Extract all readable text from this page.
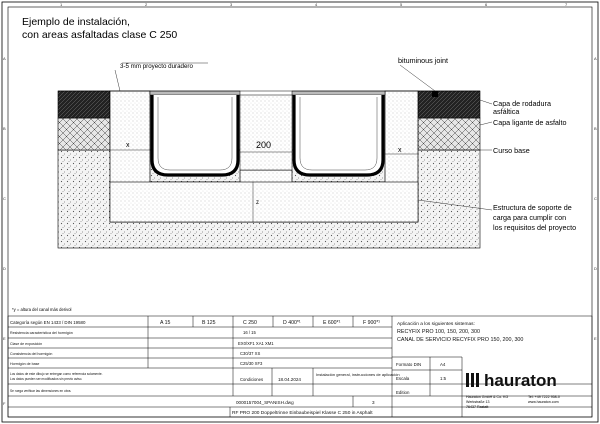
1	2	3	4	5	6	7
A
B
C
D
E
F
A
B
C
D
E
Ejemplo de instalación,
con areas asfaltadas clase C 250
200
x
x
z
3-5 mm proyecto duradero
bituminous joint
Capa de rodadura
asfáltica
Capa ligante de asfalto
Curso base
Estructura de soporte de
carga para cumplir con
los requisitos del proyecto
*y = altura del canal más derivol
Categoría según EN 1433 / DIN 19580	A 15	B 125	C 250	D 400*¹	E 600*¹	F 900*¹
Resistencia característica del hormigón	16 / 15
Clase de exposición	EX0/XF1 XA1 XM1
Consistencia del hormigón	C30/37 XS
Hormigón de base	C25/30 XF3
Los datos de este dibujo se entregan como referencia solamente.
Los datos pueden ser modificados sin previo aviso.
Se ruega verificar las dimensiones en obra.
Condiciones	18.04.2024
Instalación general, instrucciones de aplicación
0000157004_SPANISH.dwg	3
RF PRO 200 Doppeltrinne Einbaubeispiel Klasse C 250 in Asphalt
Aplicación a los siguientes sistemas:
RECYFIX PRO 100, 150, 200, 300
CANAL DE SERVICIO RECYFIX PRO 150, 200, 300
Formato DIN	A4
Escala	1:5
Edition
hauraton
Hauraton GmbH & Co. KG
Werkstraße 13
76437 Rastatt
Tel: +49 7222 958-0
www.hauraton.com
